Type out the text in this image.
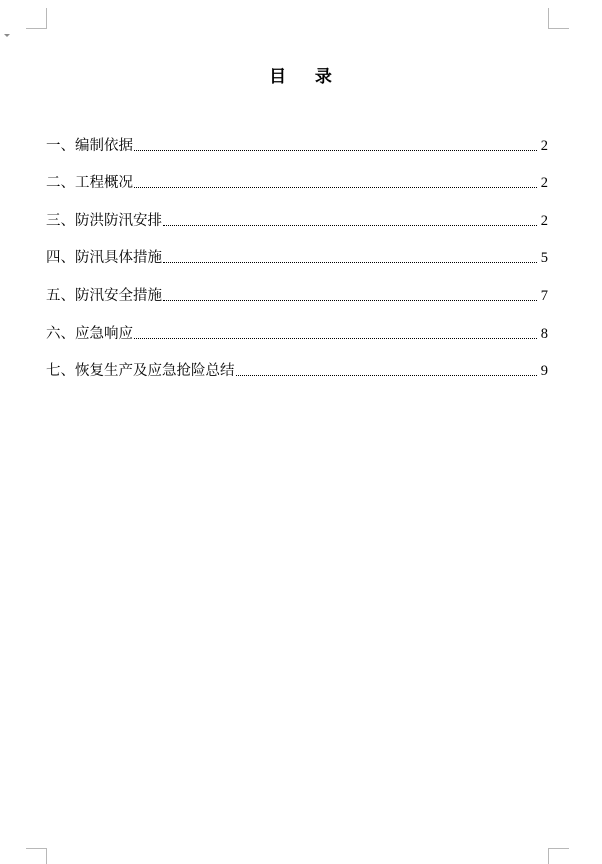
目    录
一、编制依据	2
二、工程概况	2
三、防洪防汛安排	2
四、防汛具体措施	5
五、防汛安全措施	7
六、应急响应	8
七、恢复生产及应急抢险总结	9
